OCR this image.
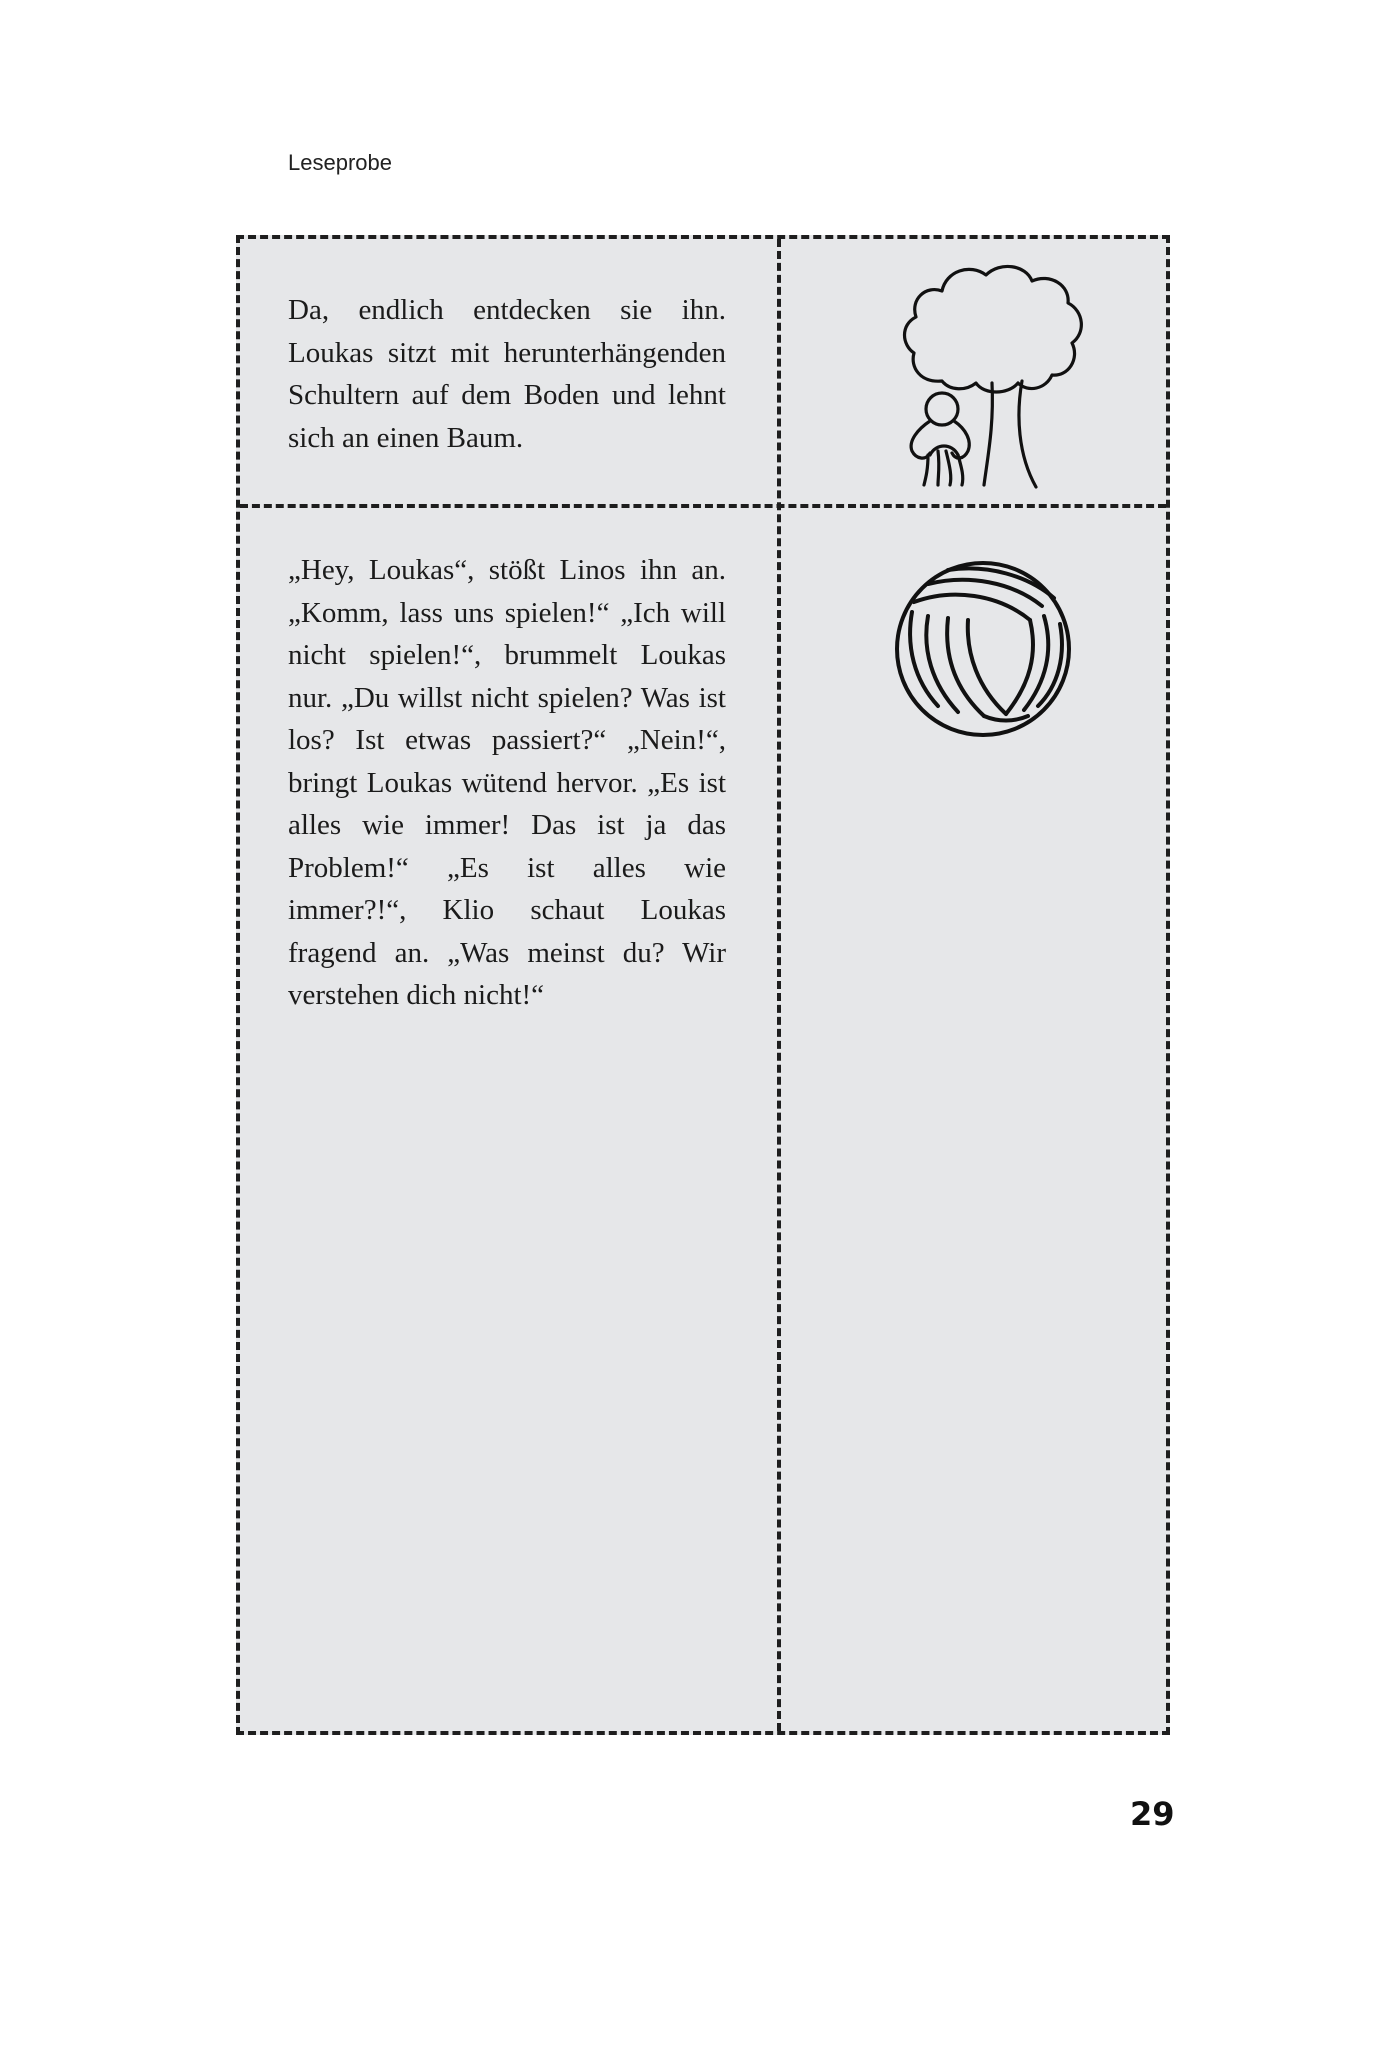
Leseprobe
Da, endlich entdecken sie ihn. Loukas sitzt mit herunterhängenden Schultern auf dem Boden und lehnt sich an einen Baum.
„Hey, Loukas“, stößt Linos ihn an. „Komm, lass uns spielen!“ „Ich will nicht spielen!“, brummelt Loukas nur. „Du willst nicht spielen? Was ist los? Ist etwas passiert?“ „Nein!“, bringt Loukas wütend hervor. „Es ist alles wie immer! Das ist ja das Problem!“ „Es ist alles wie immer?!“, Klio schaut Loukas fragend an. „Was meinst du? Wir verstehen dich nicht!“
29
